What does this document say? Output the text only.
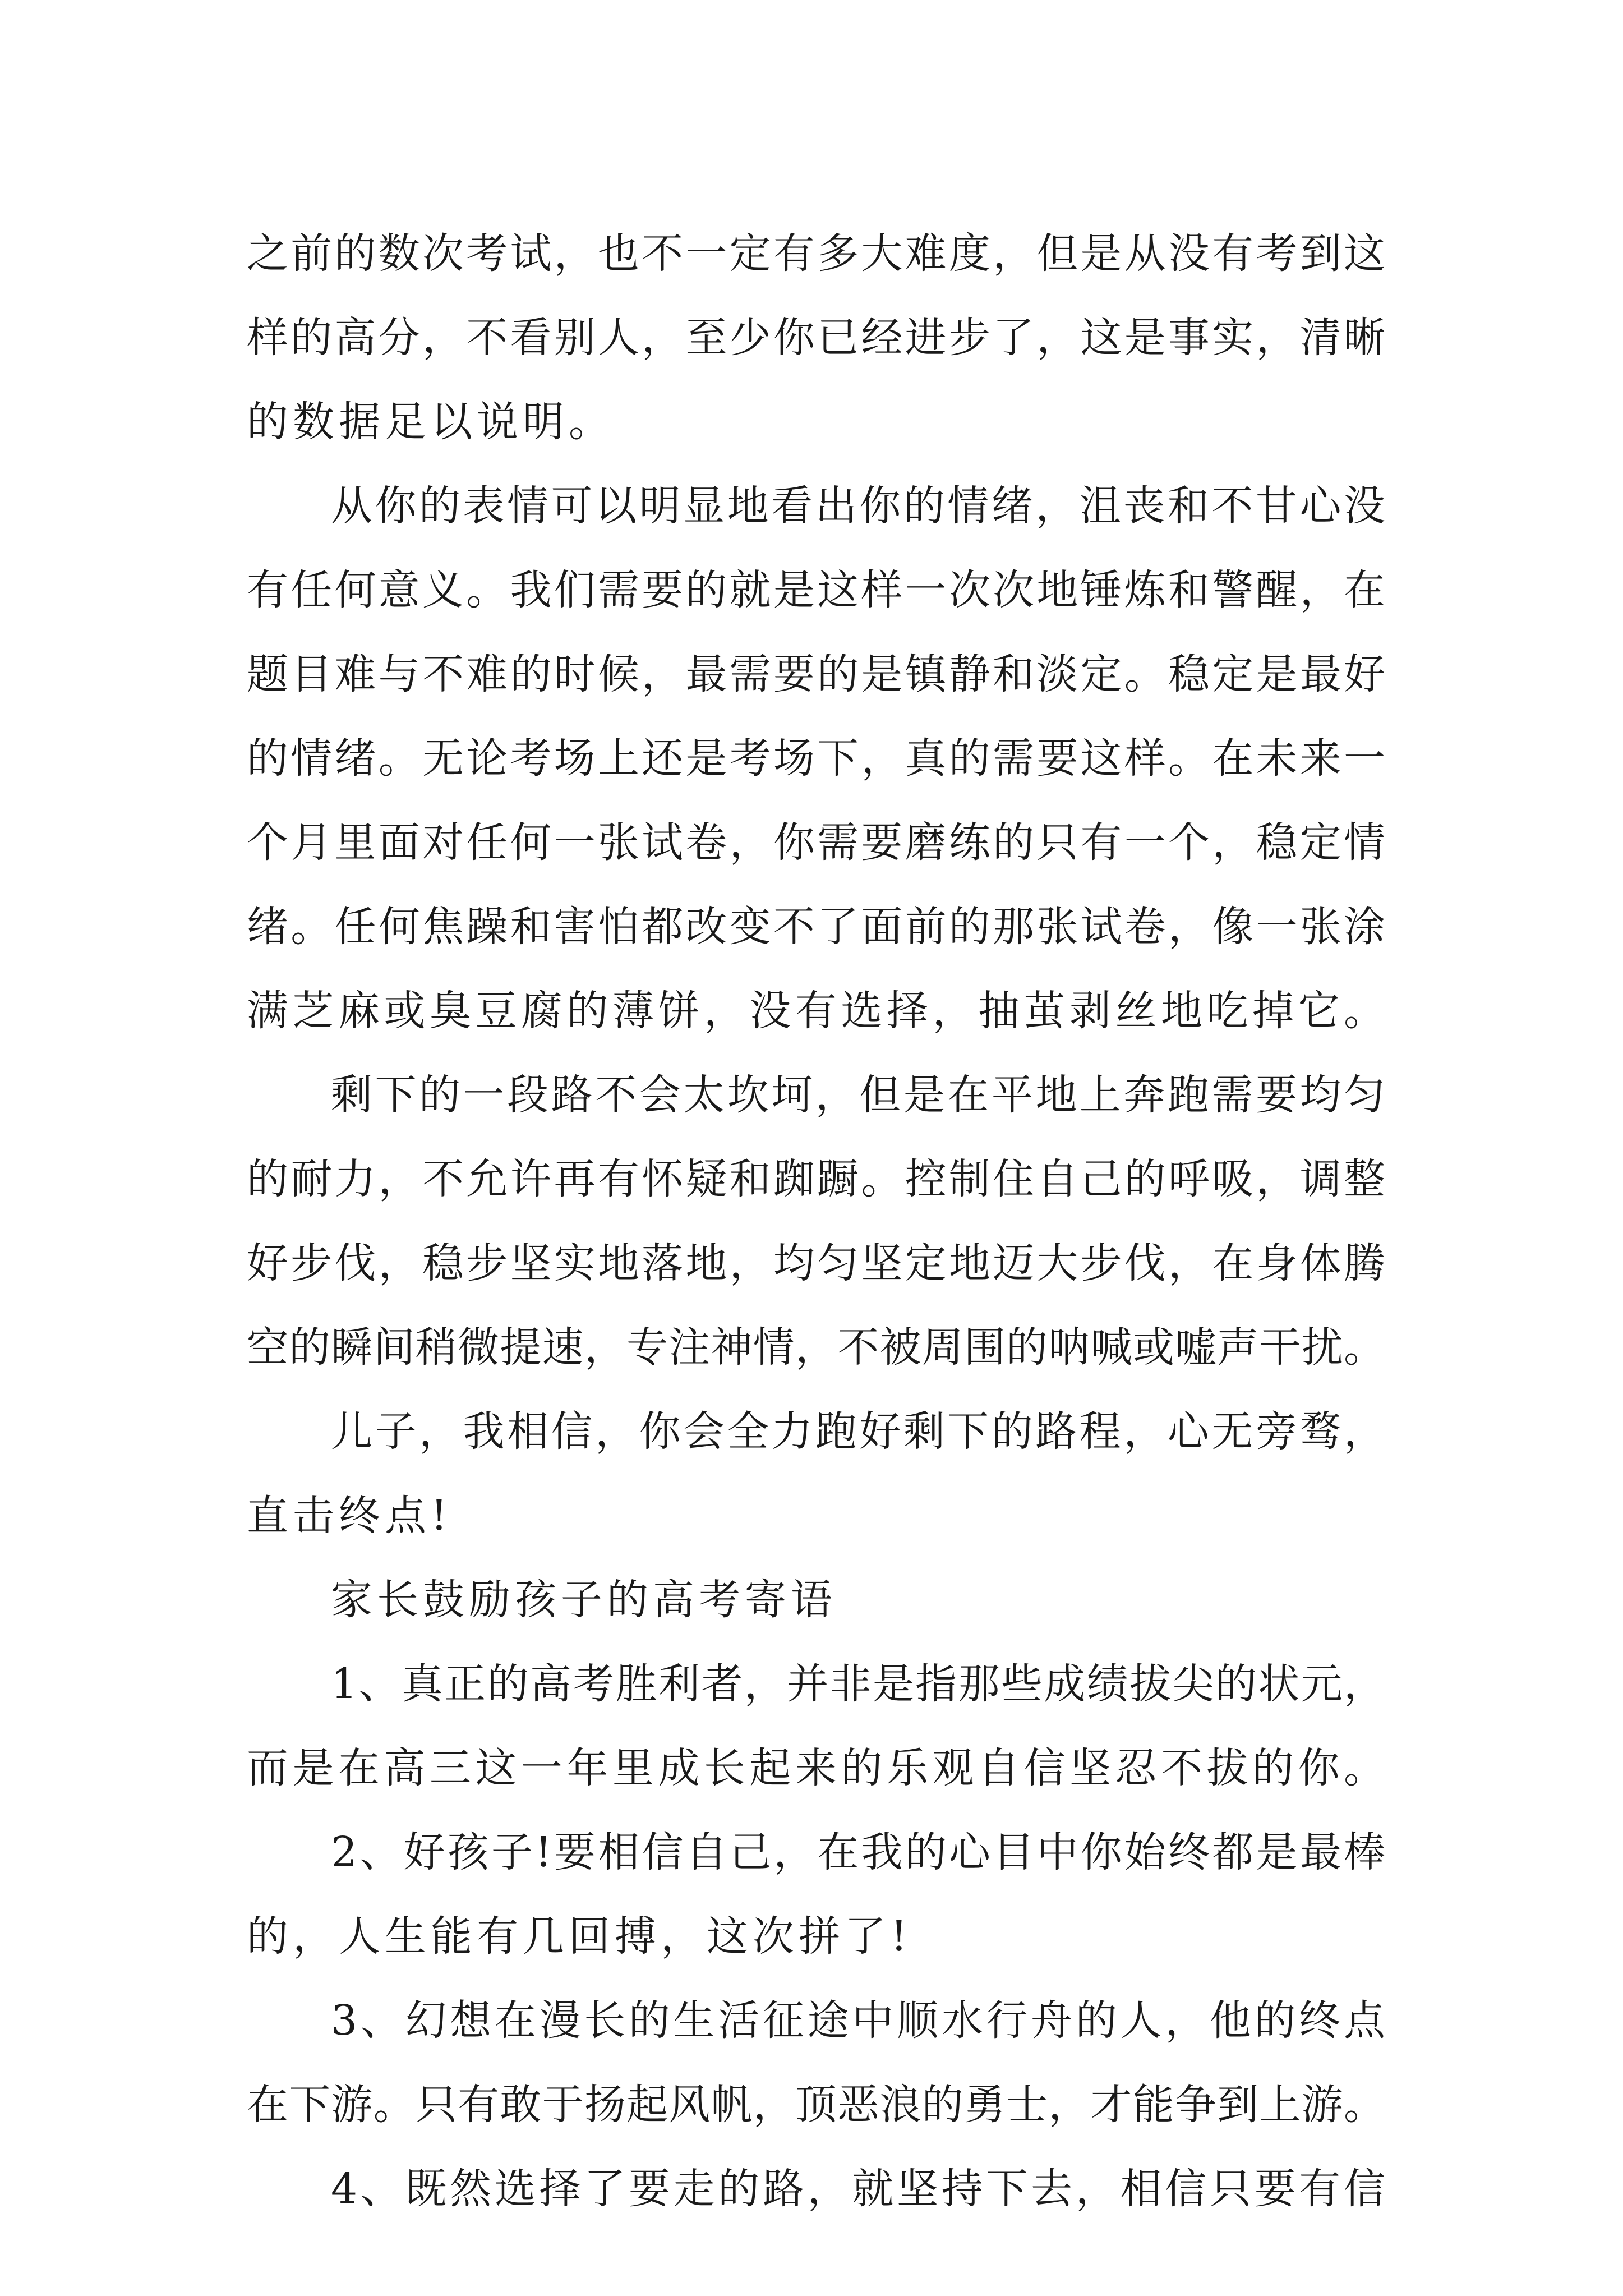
之前的数次考试，也不一定有多大难度，但是从没有考到这
样的高分，不看别人，至少你已经进步了，这是事实，清晰
的数据足以说明。
从你的表情可以明显地看出你的情绪，沮丧和不甘心没
有任何意义。我们需要的就是这样一次次地锤炼和警醒，在
题目难与不难的时候，最需要的是镇静和淡定。稳定是最好
的情绪。无论考场上还是考场下，真的需要这样。在未来一
个月里面对任何一张试卷，你需要磨练的只有一个，稳定情
绪。任何焦躁和害怕都改变不了面前的那张试卷，像一张涂
满芝麻或臭豆腐的薄饼，没有选择，抽茧剥丝地吃掉它。
剩下的一段路不会太坎坷，但是在平地上奔跑需要均匀
的耐力，不允许再有怀疑和踟蹰。控制住自己的呼吸，调整
好步伐，稳步坚实地落地，均匀坚定地迈大步伐，在身体腾
空的瞬间稍微提速，专注神情，不被周围的呐喊或嘘声干扰。
儿子，我相信，你会全力跑好剩下的路程，心无旁骛，
直击终点!
家长鼓励孩子的高考寄语
1、真正的高考胜利者，并非是指那些成绩拔尖的状元，
而是在高三这一年里成长起来的乐观自信坚忍不拔的你。
2、好孩子!要相信自己，在我的心目中你始终都是最棒
的，人生能有几回搏，这次拼了!
3、幻想在漫长的生活征途中顺水行舟的人，他的终点
在下游。只有敢于扬起风帆，顶恶浪的勇士，才能争到上游。
4、既然选择了要走的路，就坚持下去，相信只要有信
